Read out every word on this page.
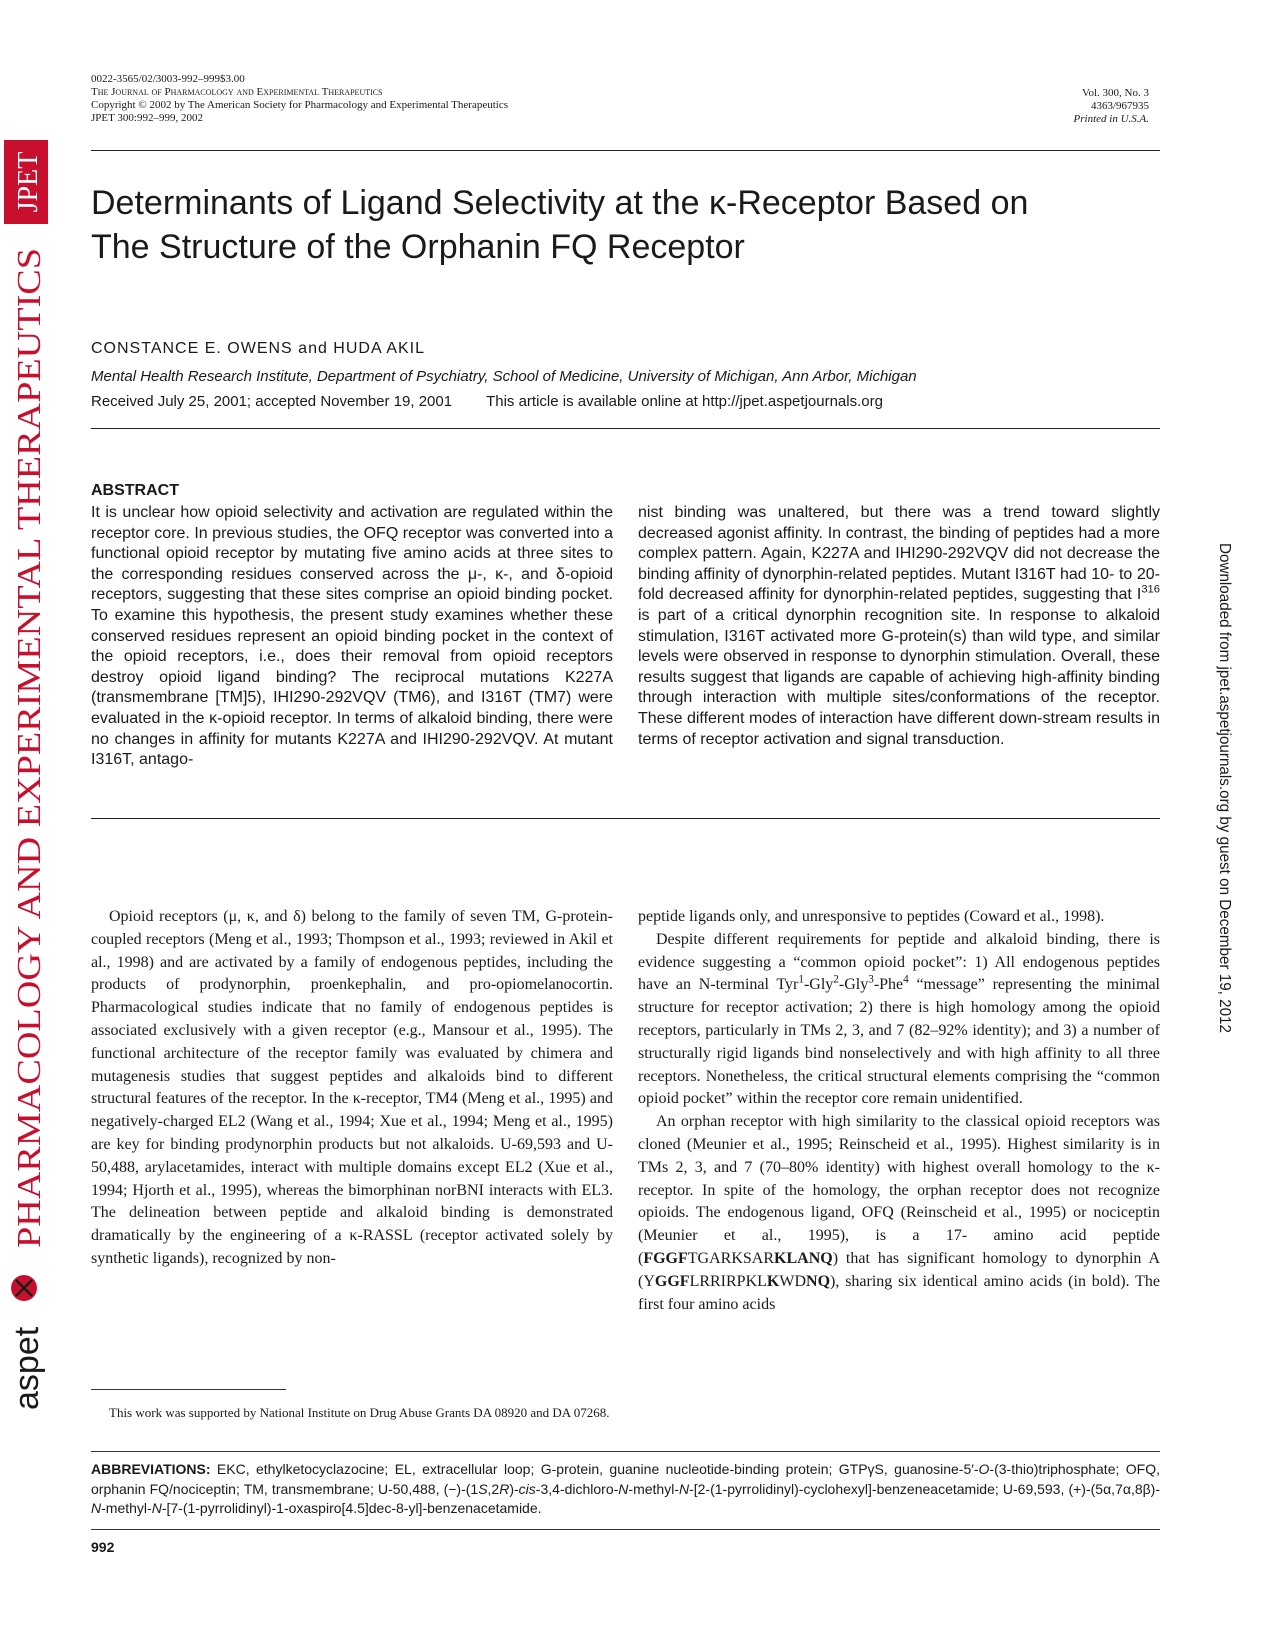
JPET
PHARMACOLOGY AND EXPERIMENTAL THERAPEUTICS
aspet
Downloaded from jpet.aspetjournals.org by guest on December 19, 2012
0022-3565/02/3003-992–999$3.00
The Journal of Pharmacology and Experimental Therapeutics
Copyright © 2002 by The American Society for Pharmacology and Experimental Therapeutics
JPET 300:992–999, 2002
Vol. 300, No. 3
4363/967935
Printed in U.S.A.
Determinants of Ligand Selectivity at the κ-Receptor Based on
The Structure of the Orphanin FQ Receptor
CONSTANCE E. OWENS and HUDA AKIL
Mental Health Research Institute, Department of Psychiatry, School of Medicine, University of Michigan, Ann Arbor, Michigan
Received July 25, 2001; accepted November 19, 2001 This article is available online at http://jpet.aspetjournals.org
ABSTRACT
It is unclear how opioid selectivity and activation are regulated within the receptor core. In previous studies, the OFQ receptor was converted into a functional opioid receptor by mutating five amino acids at three sites to the corresponding residues conserved across the μ-, κ-, and δ-opioid receptors, suggesting that these sites comprise an opioid binding pocket. To examine this hypothesis, the present study examines whether these conserved residues represent an opioid binding pocket in the context of the opioid receptors, i.e., does their removal from opioid receptors destroy opioid ligand binding? The reciprocal mutations K227A (transmembrane [TM]5), IHI290-292VQV (TM6), and I316T (TM7) were evaluated in the κ-opioid receptor. In terms of alkaloid binding, there were no changes in affinity for mutants K227A and IHI290-292VQV. At mutant I316T, antago-
nist binding was unaltered, but there was a trend toward slightly decreased agonist affinity. In contrast, the binding of peptides had a more complex pattern. Again, K227A and IHI290-292VQV did not decrease the binding affinity of dynorphin-related peptides. Mutant I316T had 10- to 20-fold decreased affinity for dynorphin-related peptides, suggesting that $I^{316}$ is part of a critical dynorphin recognition site. In response to alkaloid stimulation, I316T activated more G-protein(s) than wild type, and similar levels were observed in response to dynorphin stimulation. Overall, these results suggest that ligands are capable of achieving high-affinity binding through interaction with multiple sites/conformations of the receptor. These different modes of interaction have different down-stream results in terms of receptor activation and signal transduction.

Opioid receptors (μ, κ, and δ) belong to the family of seven TM, G-protein-coupled receptors (Meng et al., 1993; Thompson et al., 1993; reviewed in Akil et al., 1998) and are activated by a family of endogenous peptides, including the products of prodynorphin, proenkephalin, and pro-opiomelanocortin. Pharmacological studies indicate that no family of endogenous peptides is associated exclusively with a given receptor (e.g., Mansour et al., 1995). The functional architecture of the receptor family was evaluated by chimera and mutagenesis studies that suggest peptides and alkaloids bind to different structural features of the receptor. In the κ-receptor, TM4 (Meng et al., 1995) and negatively-charged EL2 (Wang et al., 1994; Xue et al., 1994; Meng et al., 1995) are key for binding prodynorphin products but not alkaloids. U-69,593 and U-50,488, arylacetamides, interact with multiple domains except EL2 (Xue et al., 1994; Hjorth et al., 1995), whereas the bimorphinan norBNI interacts with EL3. The delineation between peptide and alkaloid binding is demonstrated dramatically by the engineering of a κ-RASSL (receptor activated solely by synthetic ligands), recognized by non-

peptide ligands only, and unresponsive to peptides (Coward et al., 1998).

Despite different requirements for peptide and alkaloid binding, there is evidence suggesting a “common opioid pocket”: 1) All endogenous peptides have an N-terminal Tyr$^1$-Gly$^2$-Gly$^3$-Phe$^4$ “message” representing the minimal structure for receptor activation; 2) there is high homology among the opioid receptors, particularly in TMs 2, 3, and 7 (82–92% identity); and 3) a number of structurally rigid ligands bind nonselectively and with high affinity to all three receptors. Nonetheless, the critical structural elements comprising the “common opioid pocket” within the receptor core remain unidentified.

An orphan receptor with high similarity to the classical opioid receptors was cloned (Meunier et al., 1995; Reinscheid et al., 1995). Highest similarity is in TMs 2, 3, and 7 (70–80% identity) with highest overall homology to the κ-receptor. In spite of the homology, the orphan receptor does not recognize opioids. The endogenous ligand, OFQ (Reinscheid et al., 1995) or nociceptin (Meunier et al., 1995), is a 17- amino acid peptide (FGGFTGARKSARKLANQ) that has significant homology to dynorphin A (YGGFLRRIRPKLKWDNQ), sharing six identical amino acids (in bold). The first four amino acids

This work was supported by National Institute on Drug Abuse Grants DA 08920 and DA 07268.
ABBREVIATIONS: EKC, ethylketocyclazocine; EL, extracellular loop; G-protein, guanine nucleotide-binding protein; GTPγS, guanosine-5′-O-(3-thio)triphosphate; OFQ, orphanin FQ/nociceptin; TM, transmembrane; U-50,488, (−)-(1S,2R)-cis-3,4-dichloro-N-methyl-N-[2-(1-pyrrolidinyl)-cyclohexyl]-benzeneacetamide; U-69,593, (+)-(5α,7α,8β)-N-methyl-N-[7-(1-pyrrolidinyl)-1-oxaspiro[4.5]dec-8-yl]-benzenacetamide.
992
